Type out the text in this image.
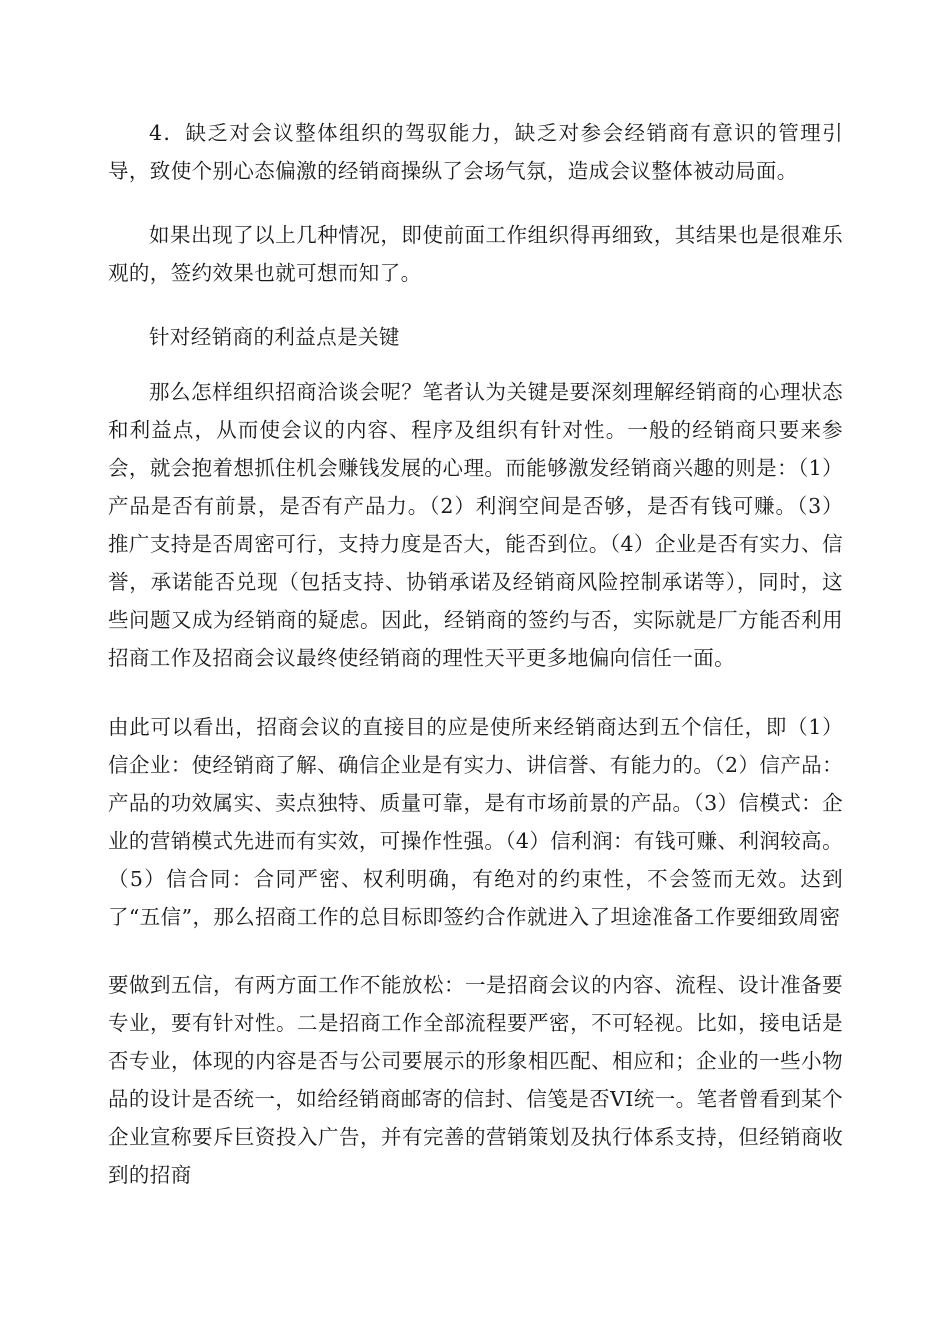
4．缺乏对会议整体组织的驾驭能力，缺乏对参会经销商有意识的管理引导，致使个别心态偏激的经销商操纵了会场气氛，造成会议整体被动局面。

如果出现了以上几种情况，即使前面工作组织得再细致，其结果也是很难乐观的，签约效果也就可想而知了。

针对经销商的利益点是关键

那么怎样组织招商洽谈会呢？笔者认为关键是要深刻理解经销商的心理状态和利益点，从而使会议的内容、程序及组织有针对性。一般的经销商只要来参会，就会抱着想抓住机会赚钱发展的心理。而能够激发经销商兴趣的则是：（1）产品是否有前景，是否有产品力。（2）利润空间是否够，是否有钱可赚。（3）推广支持是否周密可行，支持力度是否大，能否到位。（4）企业是否有实力、信誉，承诺能否兑现（包括支持、协销承诺及经销商风险控制承诺等），同时，这些问题又成为经销商的疑虑。因此，经销商的签约与否，实际就是厂方能否利用招商工作及招商会议最终使经销商的理性天平更多地偏向信任一面。

由此可以看出，招商会议的直接目的应是使所来经销商达到五个信任，即（1）信企业：使经销商了解、确信企业是有实力、讲信誉、有能力的。（2）信产品：产品的功效属实、卖点独特、质量可靠，是有市场前景的产品。（3）信模式：企业的营销模式先进而有实效，可操作性强。（4）信利润：有钱可赚、利润较高。（5）信合同：合同严密、权利明确，有绝对的约束性，不会签而无效。达到了“五信”，那么招商工作的总目标即签约合作就进入了坦途准备工作要细致周密

要做到五信，有两方面工作不能放松：一是招商会议的内容、流程、设计准备要专业，要有针对性。二是招商工作全部流程要严密，不可轻视。比如，接电话是否专业，体现的内容是否与公司要展示的形象相匹配、相应和；企业的一些小物品的设计是否统一，如给经销商邮寄的信封、信笺是否VI统一。笔者曾看到某个企业宣称要斥巨资投入广告，并有完善的营销策划及执行体系支持，但经销商收到的招商
